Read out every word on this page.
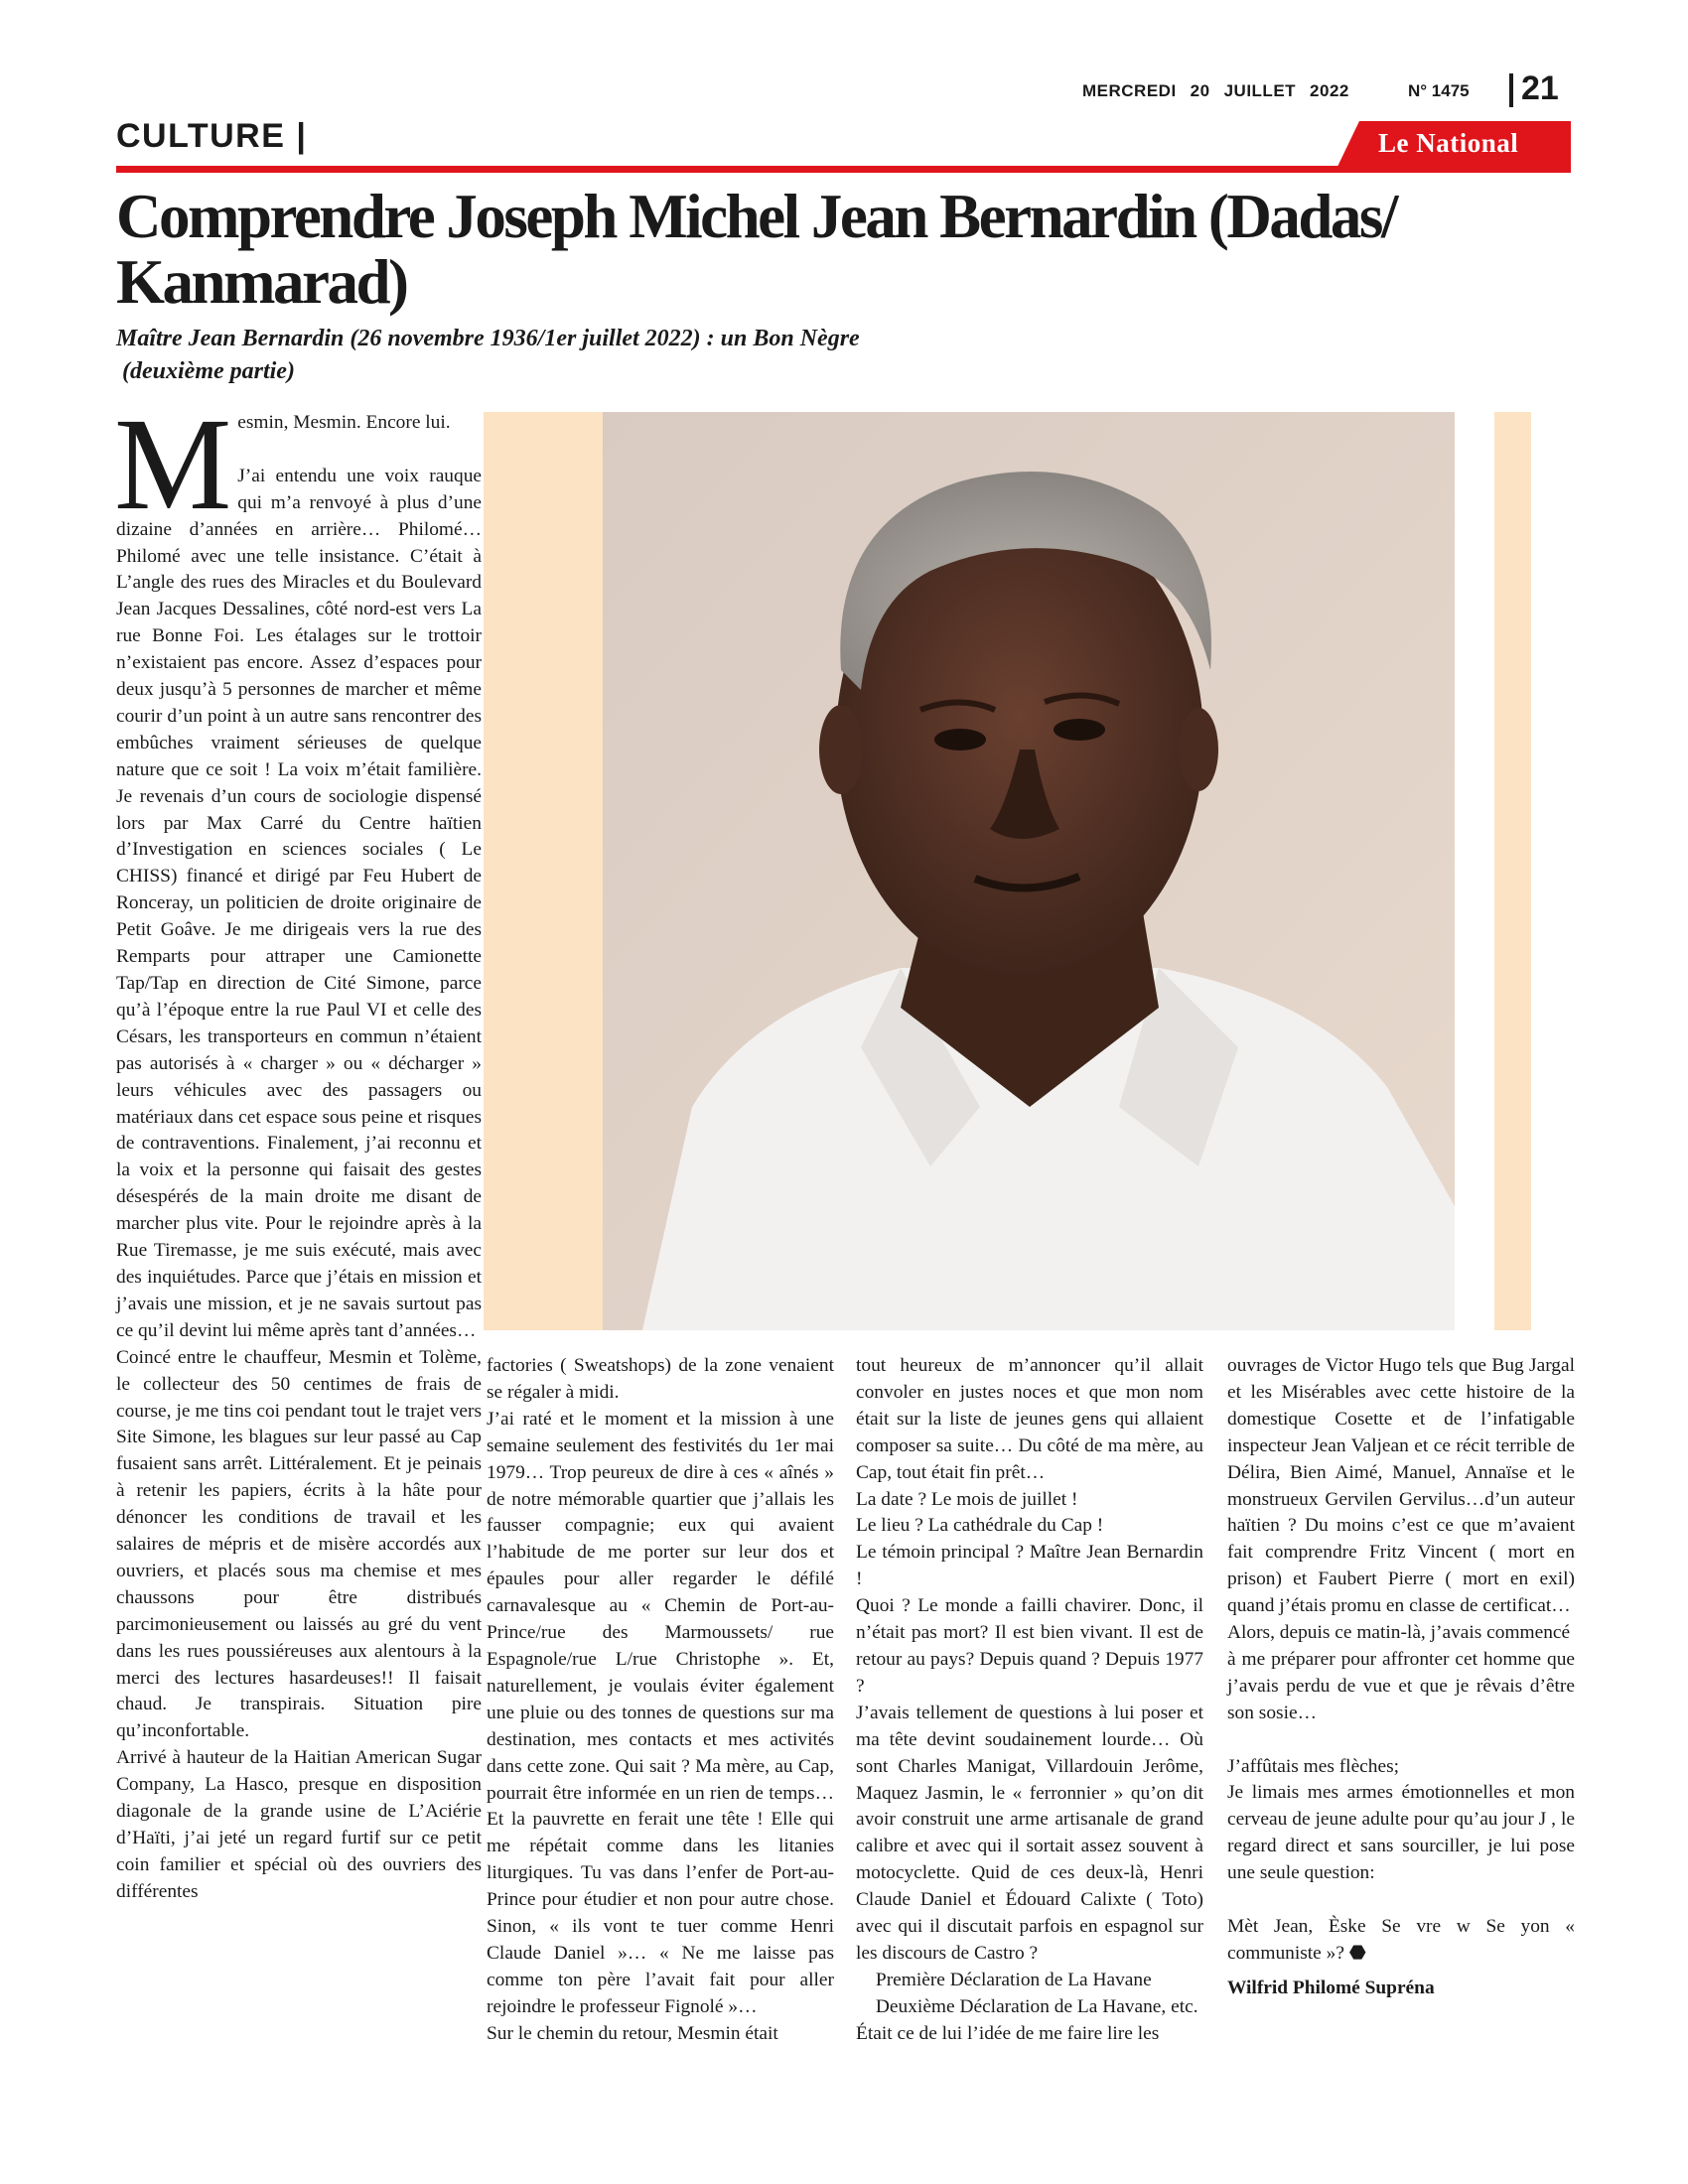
MERCREDI 20 JUILLET 2022	N° 1475 21
CULTURE |	Le National
Comprendre Joseph Michel Jean Bernardin (Dadas/
Kanmarad)
Maître Jean Bernardin (26 novembre 1936/1er juillet 2022) : un Bon Nègre
(deuxième partie)

Mesmin, Mesmin. Encore lui.

J’ai entendu une voix rauque qui m’a renvoyé à plus d’une dizaine d’années en arrière… Philomé…Philomé avec une telle insistance. C’était à L’angle des rues des Miracles et du Boulevard Jean Jacques Dessalines, côté nord-est vers La rue Bonne Foi. Les étalages sur le trottoir n’existaient pas encore. Assez d’espaces pour deux jusqu’à 5 personnes de marcher et même courir d’un point à un autre sans rencontrer des embûches vraiment sérieuses de quelque nature que ce soit ! La voix m’était familière. Je revenais d’un cours de sociologie dispensé lors par Max Carré du Centre haïtien d’Investigation en sciences sociales ( Le CHISS) financé et dirigé par Feu Hubert de Ronceray, un politicien de droite originaire de Petit Goâve. Je me dirigeais vers la rue des Remparts pour attraper une Camionette Tap/Tap en direction de Cité Simone, parce qu’à l’époque entre la rue Paul VI et celle des Césars, les transporteurs en commun n’étaient pas autorisés à « charger » ou « décharger » leurs véhicules avec des passagers ou matériaux dans cet espace sous peine et risques de contraventions. Finalement, j’ai reconnu et la voix et la personne qui faisait des gestes désespérés de la main droite me disant de marcher plus vite. Pour le rejoindre après à la Rue Tiremasse, je me suis exécuté, mais avec des inquiétudes. Parce que j’étais en mission et j’avais une mission, et je ne savais surtout pas ce qu’il devint lui même après tant d’années…

Coincé entre le chauffeur, Mesmin et Tolème, le collecteur des 50 centimes de frais de course, je me tins coi pendant tout le trajet vers Site Simone, les blagues sur leur passé au Cap fusaient sans arrêt. Littéralement. Et je peinais à retenir les papiers, écrits à la hâte pour dénoncer les conditions de travail et les salaires de mépris et de misère accordés aux ouvriers, et placés sous ma chemise et mes chaussons pour être distribués parcimonieusement ou laissés au gré du vent dans les rues poussiéreuses aux alentours à la merci des lectures hasardeuses!! Il faisait chaud. Je transpirais. Situation pire qu’inconfortable.

Arrivé à hauteur de la Haitian American Sugar Company, La Hasco, presque en disposition diagonale de la grande usine de L’Aciérie d’Haïti, j’ai jeté un regard furtif sur ce petit coin familier et spécial où des ouvriers des différentes

factories ( Sweatshops) de la zone venaient se régaler à midi.

J’ai raté et le moment et la mission à une semaine seulement des festivités du 1er mai 1979… Trop peureux de dire à ces « aînés » de notre mémorable quartier que j’allais les fausser compagnie; eux qui avaient l’habitude de me porter sur leur dos et épaules pour aller regarder le défilé carnavalesque au « Chemin de Port-au-Prince/rue des Marmoussets/ rue Espagnole/rue L/rue Christophe ». Et, naturellement, je voulais éviter également une pluie ou des tonnes de questions sur ma destination, mes contacts et mes activités dans cette zone. Qui sait ? Ma mère, au Cap, pourrait être informée en un rien de temps… Et la pauvrette en ferait une tête ! Elle qui me répétait comme dans les litanies liturgiques. Tu vas dans l’enfer de Port-au-Prince pour étudier et non pour autre chose. Sinon, « ils vont te tuer comme Henri Claude Daniel »… « Ne me laisse pas comme ton père l’avait fait pour aller rejoindre le professeur Fignolé »…

Sur le chemin du retour, Mesmin était

tout heureux de m’annoncer qu’il allait convoler en justes noces et que mon nom était sur la liste de jeunes gens qui allaient composer sa suite… Du côté de ma mère, au Cap, tout était fin prêt…

La date ? Le mois de juillet !

Le lieu ? La cathédrale du Cap !

Le témoin principal ? Maître Jean Bernardin !

Quoi ? Le monde a failli chavirer. Donc, il n’était pas mort? Il est bien vivant. Il est de retour au pays? Depuis quand ? Depuis 1977 ?

J’avais tellement de questions à lui poser et ma tête devint soudainement lourde… Où sont Charles Manigat, Villardouin Jerôme, Maquez Jasmin, le « ferronnier » qu’on dit avoir construit une arme artisanale de grand calibre et avec qui il sortait assez souvent à motocyclette. Quid de ces deux-là, Henri Claude Daniel et Édouard Calixte ( Toto) avec qui il discutait parfois en espagnol sur les discours de Castro ?

  Première Déclaration de La Havane

  Deuxième Déclaration de La Havane, etc.

Était ce de lui l’idée de me faire lire les

ouvrages de Victor Hugo tels que Bug Jargal et les Misérables avec cette histoire de la domestique Cosette et de l’infatigable inspecteur Jean Valjean et ce récit terrible de Délira, Bien Aimé, Manuel, Annaïse et le monstrueux Gervilen Gervilus…d’un auteur haïtien ? Du moins c’est ce que m’avaient fait comprendre Fritz Vincent ( mort en prison) et Faubert Pierre ( mort en exil) quand j’étais promu en classe de certificat…

Alors, depuis ce matin-là, j’avais commencé

à me préparer pour affronter cet homme que j’avais perdu de vue et que je rêvais d’être son sosie…

J’affûtais mes flèches;

Je limais mes armes émotionnelles et mon cerveau de jeune adulte pour qu’au jour J , le regard direct et sans sourciller, je lui pose une seule question:

Mèt Jean, Èske Se vre w Se yon « communiste »? ⬣

Wilfrid Philomé Supréna
